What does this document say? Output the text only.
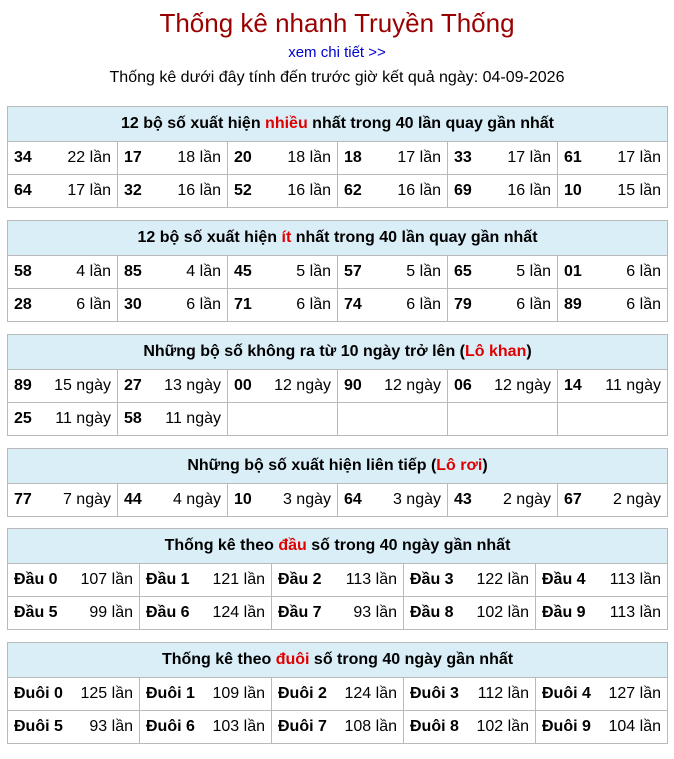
Thống kê nhanh Truyền Thống
xem chi tiết >>
Thống kê dưới đây tính đến trước giờ kết quả ngày: 04-09-2026
12 bộ số xuất hiện nhiều nhất trong 40 lần quay gần nhất					

34 22 lần	17 18 lần	20 18 lần	18 17 lần	33 17 lần	61 17 lần

64 17 lần	32 16 lần	52 16 lần	62 16 lần	69 16 lần	10 15 lần
12 bộ số xuất hiện ít nhất trong 40 lần quay gần nhất					

58 4 lần	85 4 lần	45 5 lần	57 5 lần	65 5 lần	01 6 lần

28 6 lần	30 6 lần	71 6 lần	74 6 lần	79 6 lần	89 6 lần
Những bộ số không ra từ 10 ngày trở lên (Lô khan)					

89 15 ngày	27 13 ngày	00 12 ngày	90 12 ngày	06 12 ngày	14 11 ngày

25 11 ngày	58 11 ngày				

Những bộ số xuất hiện liên tiếp (Lô rơi)

77 7 ngày	44 4 ngày	10 3 ngày	64 3 ngày	43 2 ngày	67 2 ngày
Thống kê theo đầu số trong 40 ngày gần nhất				

Đầu 0 107 lần	Đầu 1 121 lần	Đầu 2 113 lần	Đầu 3 122 lần	Đầu 4 113 lần

Đầu 5 99 lần	Đầu 6 124 lần	Đầu 7 93 lần	Đầu 8 102 lần	Đầu 9 113 lần
Thống kê theo đuôi số trong 40 ngày gần nhất				

Đuôi 0 125 lần	Đuôi 1 109 lần	Đuôi 2 124 lần	Đuôi 3 112 lần	Đuôi 4 127 lần

Đuôi 5 93 lần	Đuôi 6 103 lần	Đuôi 7 108 lần	Đuôi 8 102 lần	Đuôi 9 104 lần
